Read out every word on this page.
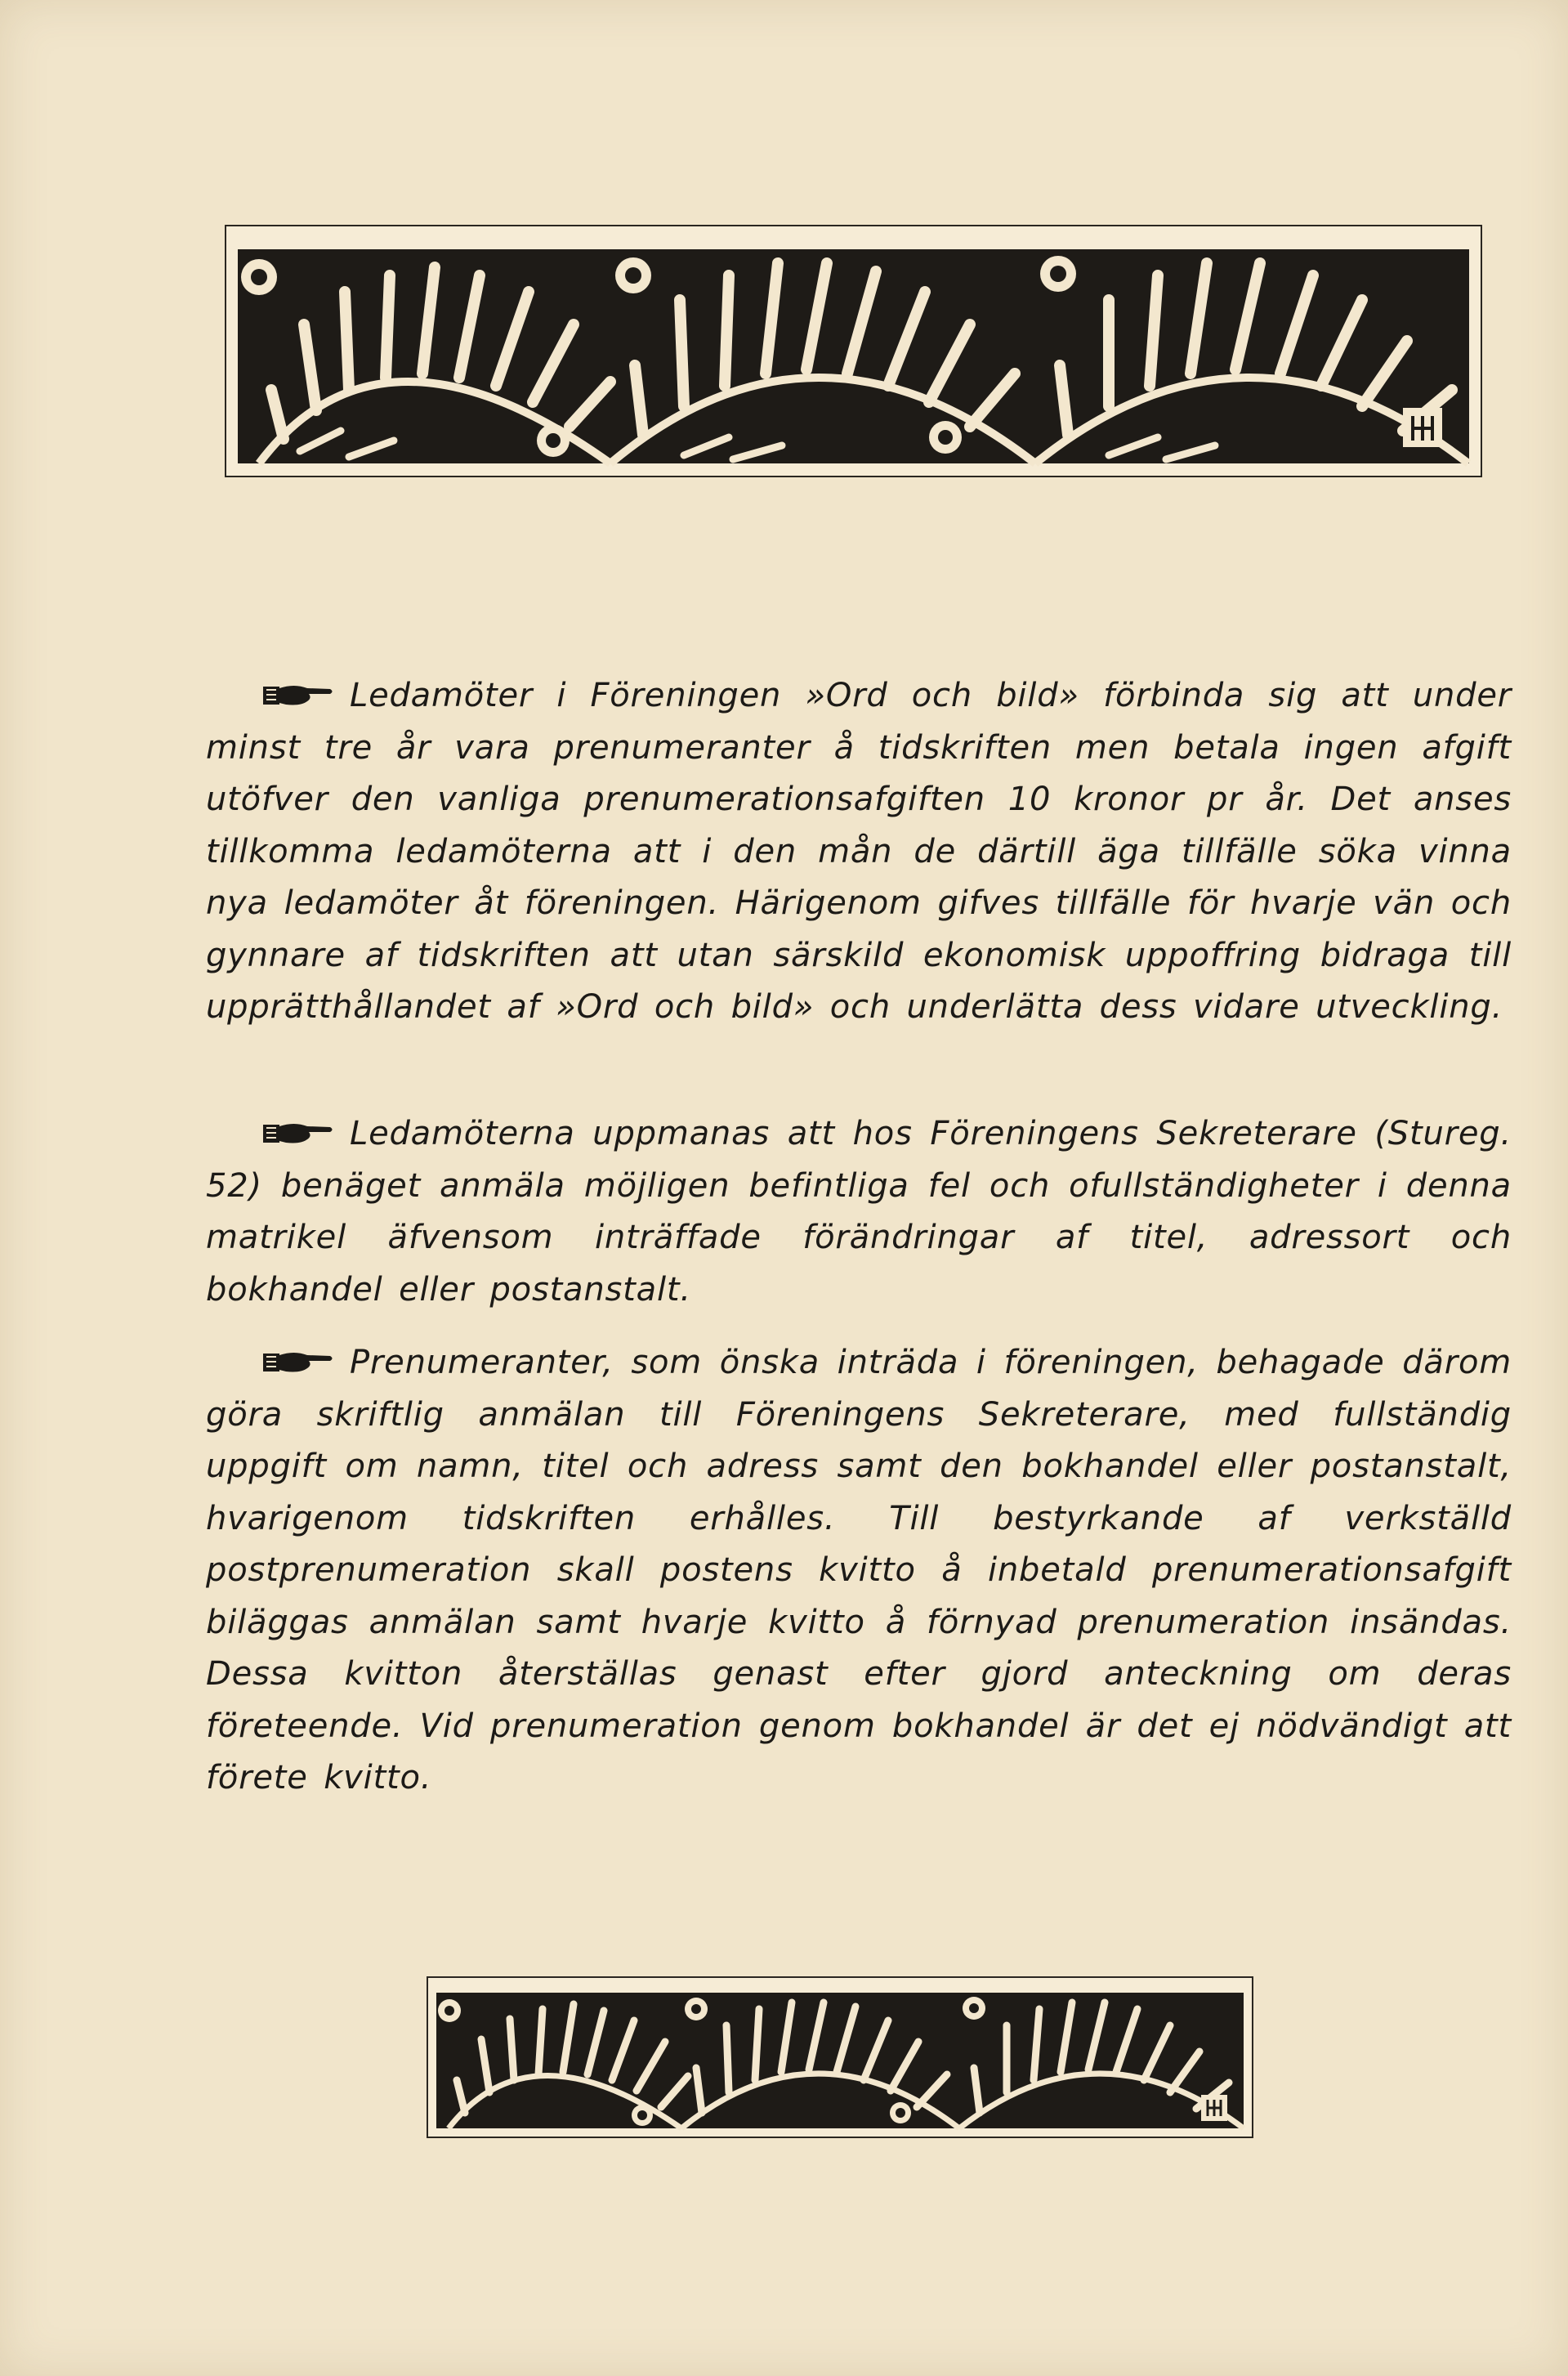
Ledamöter i Föreningen »Ord och bild» förbinda sig att under minst tre år vara prenumeranter å tidskriften men betala ingen afgift utöfver den vanliga prenumerationsafgiften 10 kronor pr år. Det anses tillkomma ledamöterna att i den mån de därtill äga tillfälle söka vinna nya ledamöter åt föreningen. Härigenom gifves tillfälle för hvarje vän och gynnare af tidskriften att utan särskild ekonomisk uppoffring bidraga till upprätthållandet af »Ord och bild» och underlätta dess vidare utveckling.
Ledamöterna uppmanas att hos Föreningens Sekreterare (Stureg. 52) benäget anmäla möjligen befintliga fel och ofullständigheter i denna matrikel äfvensom inträffade förändringar af titel, adressort och bokhandel eller postanstalt.
Prenumeranter, som önska inträda i föreningen, behagade därom göra skriftlig anmälan till Föreningens Sekreterare, med fullständig uppgift om namn, titel och adress samt den bokhandel eller postanstalt, hvarigenom tidskriften erhålles. Till bestyrkande af verkställd postprenumeration skall postens kvitto å inbetald prenumerationsafgift biläggas anmälan samt hvarje kvitto å förnyad prenumeration insändas. Dessa kvitton återställas genast efter gjord anteckning om deras företeende. Vid prenumeration genom bokhandel är det ej nödvändigt att förete kvitto.
